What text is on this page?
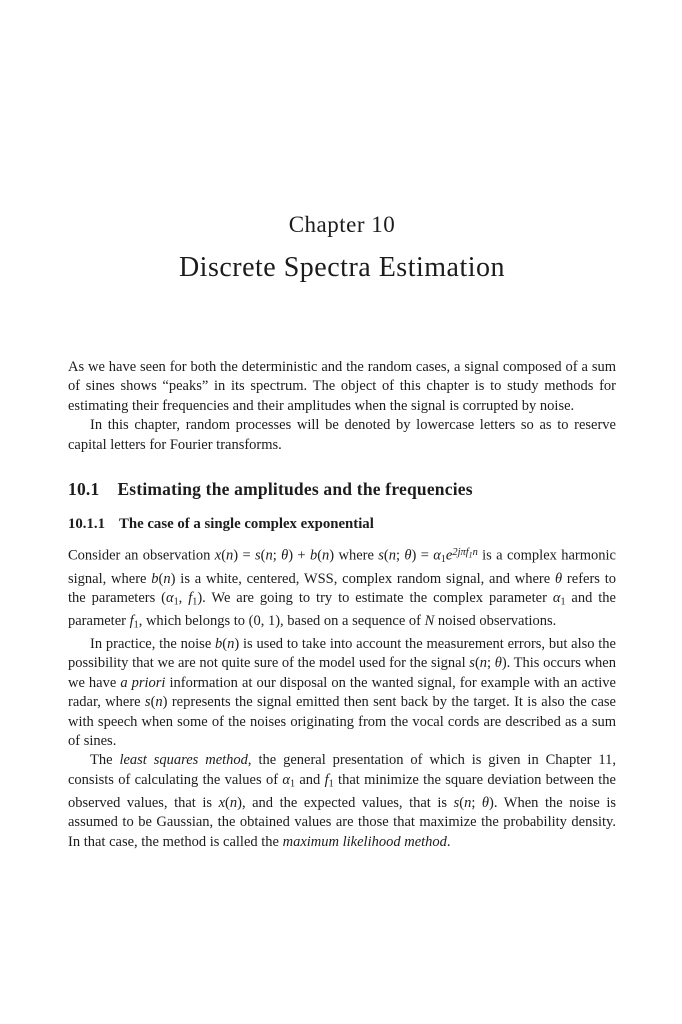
Chapter 10
Discrete Spectra Estimation

As we have seen for both the deterministic and the random cases, a signal composed of a sum of sines shows “peaks” in its spectrum. The object of this chapter is to study methods for estimating their frequencies and their amplitudes when the signal is corrupted by noise.

In this chapter, random processes will be denoted by lowercase letters so as to reserve capital letters for Fourier transforms.

10.1 Estimating the amplitudes and the frequencies
10.1.1 The case of a single complex exponential

Consider an observation x(n) = s(n; θ) + b(n) where s(n; $\theta) = \alpha_1e^{2j\pi f}1^n$ is a complex harmonic signal, where b(n) is a white, centered, WSS, complex random signal, and where θ refers to the parameters ($\alpha_1$, $f_1$). We are going to try to estimate the complex parameter $\alpha_1$ and the parameter $f_1$, which belongs to (0, 1), based on a sequence of N noised observations.

In practice, the noise b(n) is used to take into account the measurement errors, but also the possibility that we are not quite sure of the model used for the signal s(n; θ). This occurs when we have a priori information at our disposal on the wanted signal, for example with an active radar, where s(n) represents the signal emitted then sent back by the target. It is also the case with speech when some of the noises originating from the vocal cords are described as a sum of sines.

The least squares method, the general presentation of which is given in Chapter 11, consists of calculating the values of $\alpha_1$ and $f_1$ that minimize the square deviation between the observed values, that is x(n), and the expected values, that is s(n; θ). When the noise is assumed to be Gaussian, the obtained values are those that maximize the probability density. In that case, the method is called the maximum likelihood method.
